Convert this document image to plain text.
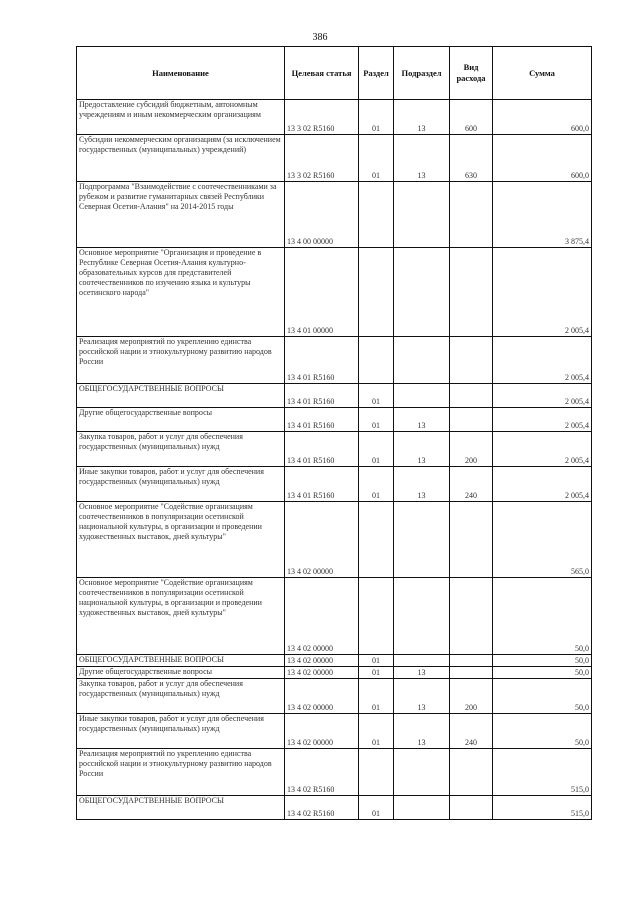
386
Наименование	Целевая статья	Раздел	Подраздел	Вид расхода	Сумма
Предоставление субсидий бюджетным, автономным учреждениям и иным некоммерческим организациям	13 3 02 R5160	01	13	600	600,0
Субсидии некоммерческим организациям (за исключением государственных (муниципальных) учреждений)	13 3 02 R5160	01	13	630	600,0
Подпрограмма "Взаимодействие с соотечественниками за рубежом и развитие гуманитарных связей Республики Северная Осетия-Алания" на 2014-2015 годы	13 4 00 00000				3 875,4
Основное мероприятие "Организация и проведение в Республике Северная Осетия-Алания культурно-образовательных курсов для представителей соотечественников по изучению языка и культуры осетинского народа"	13 4 01 00000				2 005,4
Реализация мероприятий по укреплению единства российской нации и этнокультурному развитию народов России	13 4 01 R5160				2 005,4
ОБЩЕГОСУДАРСТВЕННЫЕ ВОПРОСЫ	13 4 01 R5160	01			2 005,4
Другие общегосударственные вопросы	13 4 01 R5160	01	13		2 005,4
Закупка товаров, работ и услуг для обеспечения государственных (муниципальных) нужд	13 4 01 R5160	01	13	200	2 005,4
Иные закупки товаров, работ и услуг для обеспечения государственных (муниципальных) нужд	13 4 01 R5160	01	13	240	2 005,4
Основное мероприятие "Содействие организациям соотечественников в популяризации осетинской национальной культуры, в организации и проведении художественных выставок, дней культуры"	13 4 02 00000				565,0
Основное мероприятие "Содействие организациям соотечественников в популяризации осетинской национальной культуры, в организации и проведении художественных выставок, дней культуры"	13 4 02 00000				50,0
ОБЩЕГОСУДАРСТВЕННЫЕ ВОПРОСЫ	13 4 02 00000	01			50,0
Другие общегосударственные вопросы	13 4 02 00000	01	13		50,0
Закупка товаров, работ и услуг для обеспечения государственных (муниципальных) нужд	13 4 02 00000	01	13	200	50,0
Иные закупки товаров, работ и услуг для обеспечения государственных (муниципальных) нужд	13 4 02 00000	01	13	240	50,0
Реализация мероприятий по укреплению единства российской нации и этнокультурному развитию народов России	13 4 02 R5160				515,0
ОБЩЕГОСУДАРСТВЕННЫЕ ВОПРОСЫ	13 4 02 R5160	01			515,0
